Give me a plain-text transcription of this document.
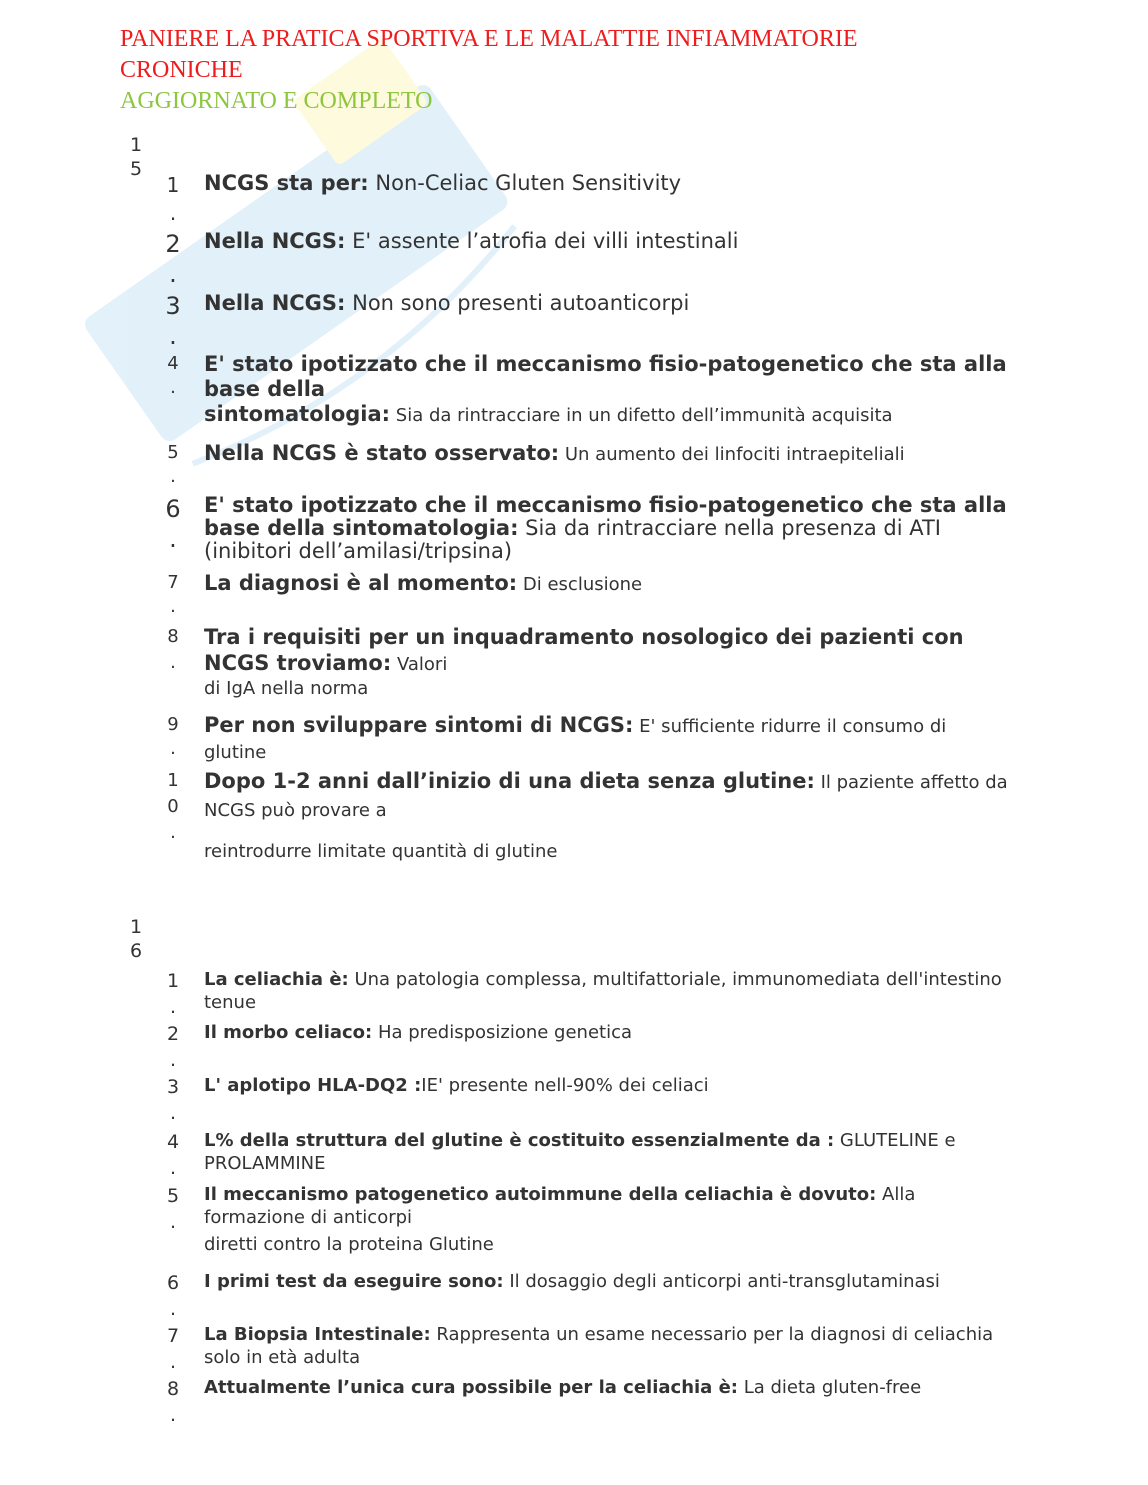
PANIERE LA PRATICA SPORTIVA E LE MALATTIE INFIAMMATORIE
CRONICHE
AGGIORNATO E COMPLETO
1
5
1
.
NCGS sta per: Non-Celiac Gluten Sensitivity
2
.
Nella NCGS: E' assente l’atrofia dei villi intestinali
3
.
Nella NCGS: Non sono presenti autoanticorpi
4
.
E' stato ipotizzato che il meccanismo fisio-patogenetico che sta alla base della
sintomatologia: Sia da rintracciare in un difetto dell’immunità acquisita
5
.
Nella NCGS è stato osservato: Un aumento dei linfociti intraepiteliali
6
.
E' stato ipotizzato che il meccanismo fisio-patogenetico che sta alla base della sintomatologia: Sia da rintracciare nella presenza di ATI (inibitori dell’amilasi/tripsina)
7
.
La diagnosi è al momento: Di esclusione
8
.
Tra i requisiti per un inquadramento nosologico dei pazienti con NCGS troviamo: Valori
di IgA nella norma
9
.
Per non sviluppare sintomi di NCGS: E' sufficiente ridurre il consumo di glutine
1
0
.
Dopo 1-2 anni dall’inizio di una dieta senza glutine: Il paziente affetto da NCGS può provare a
reintrodurre limitate quantità di glutine
1
6
1
.
La celiachia è: Una patologia complessa, multifattoriale, immunomediata dell'intestino tenue
2
.
Il morbo celiaco: Ha predisposizione genetica
3
.
L' aplotipo HLA-DQ2 :IE' presente nell-90% dei celiaci
4
.
L% della struttura del glutine è costituito essenzialmente da : GLUTELINE e PROLAMMINE
5
.
Il meccanismo patogenetico autoimmune della celiachia è dovuto: Alla formazione di anticorpi
diretti contro la proteina Glutine
6
.
I primi test da eseguire sono: Il dosaggio degli anticorpi anti-transglutaminasi
7
.
La Biopsia Intestinale: Rappresenta un esame necessario per la diagnosi di celiachia solo in età adulta
8
.
Attualmente l’unica cura possibile per la celiachia è: La dieta gluten-free
